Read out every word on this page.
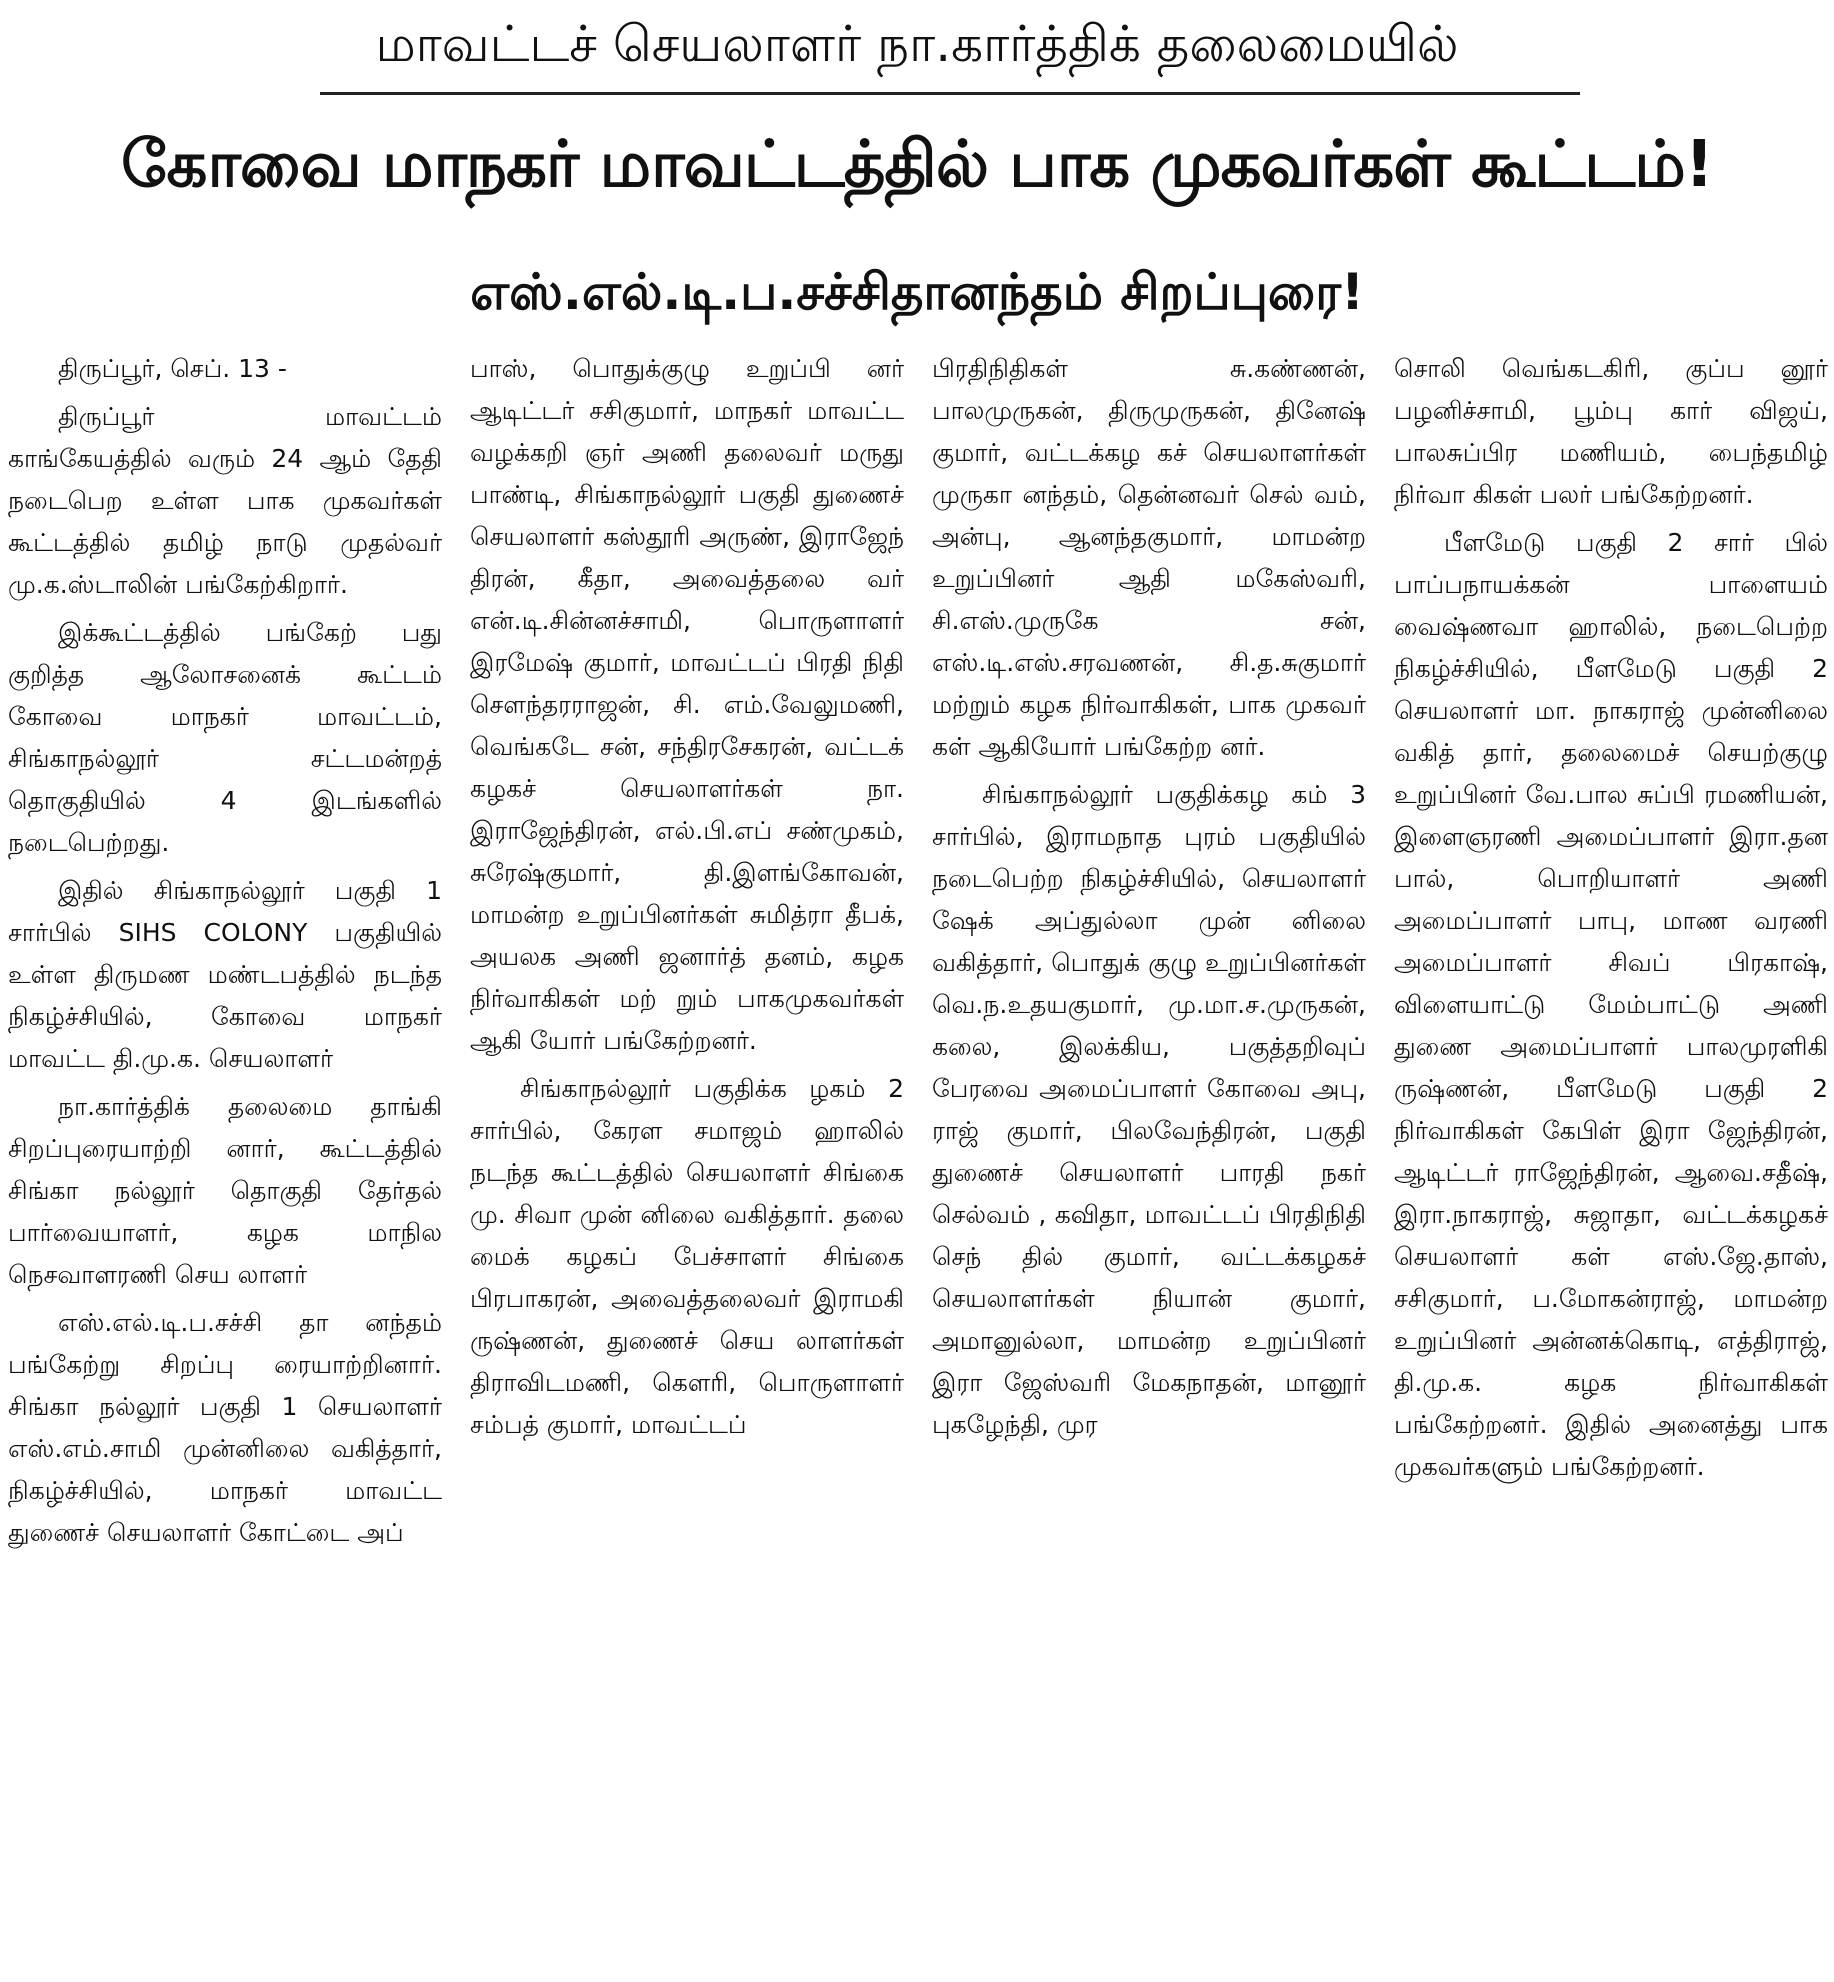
மாவட்டச் செயலாளர் நா.கார்த்திக் தலைமையில்
கோவை மாநகர் மாவட்டத்தில் பாக முகவர்கள் கூட்டம்!
எஸ்.எல்.டி.ப.சச்சிதானந்தம் சிறப்புரை!

திருப்பூர், செப். 13 -

திருப்பூர் மாவட்டம் காங்கேயத்தில் வரும் 24 ஆம் தேதி நடைபெற உள்ள பாக முகவர்கள் கூட்டத்தில் தமிழ் நாடு முதல்வர் மு.க.ஸ்டாலின் பங்கேற்கிறார்.

இக்கூட்டத்தில் பங்கேற் பது குறித்த ஆலோசனைக் கூட்டம் கோவை மாநகர் மாவட்டம், சிங்காநல்லூர் சட்டமன்றத் தொகுதியில் 4 இடங்களில் நடைபெற்றது.

இதில் சிங்காநல்லூர் பகுதி 1 சார்பில் SIHS COLONY பகுதியில் உள்ள திருமண மண்டபத்தில் நடந்த நிகழ்ச்சியில், கோவை மாநகர் மாவட்ட தி.மு.க. செயலாளர்

நா.கார்த்திக் தலைமை தாங்கி சிறப்புரையாற்றி னார், கூட்டத்தில் சிங்கா நல்லூர் தொகுதி தேர்தல் பார்வையாளர், கழக மாநில நெசவாளரணி செய லாளர்

எஸ்.எல்.டி.ப.சச்சி தா னந்தம் பங்கேற்று சிறப்பு ரையாற்றினார். சிங்கா நல்லூர் பகுதி 1 செயலாளர் எஸ்.எம்.சாமி முன்னிலை வகித்தார், நிகழ்ச்சியில், மாநகர் மாவட்ட துணைச் செயலாளர் கோட்டை அப்

பாஸ், பொதுக்குழு உறுப்பி னர் ஆடிட்டர் சசிகுமார், மாநகர் மாவட்ட வழக்கறி ஞர் அணி தலைவர் மருது பாண்டி, சிங்காநல்லூர் பகுதி துணைச் செயலாளர் கஸ்தூரி அருண், இராஜேந் திரன், கீதா, அவைத்தலை வர் என்.டி.சின்னச்சாமி, பொருளாளர் இரமேஷ் குமார், மாவட்டப் பிரதி நிதி சௌந்தரராஜன், சி. எம்.வேலுமணி, வெங்கடே சன், சந்திரசேகரன், வட்டக் கழகச் செயலாளர்கள் நா. இராஜேந்திரன், எல்.பி.எப் சண்முகம், சுரேஷ்குமார், தி.இளங்கோவன், மாமன்ற உறுப்பினர்கள் சுமித்ரா தீபக், அயலக அணி ஜனார்த் தனம், கழக நிர்வாகிகள் மற் றும் பாகமுகவர்கள் ஆகி யோர் பங்கேற்றனர்.

சிங்காநல்லூர் பகுதிக்க ழகம் 2 சார்பில், கேரள சமாஜம் ஹாலில் நடந்த கூட்டத்தில் செயலாளர் சிங்கை மு. சிவா முன் னிலை வகித்தார். தலை மைக் கழகப் பேச்சாளர் சிங்கை பிரபாகரன், அவைத்தலைவர் இராமகி ருஷ்ணன், துணைச் செய லாளர்கள் திராவிடமணி, கௌரி, பொருளாளர் சம்பத் குமார், மாவட்டப்

பிரதிநிதிகள் சு.கண்ணன், பாலமுருகன், திருமுருகன், தினேஷ் குமார், வட்டக்கழ கச் செயலாளர்கள் முருகா னந்தம், தென்னவர் செல் வம், அன்பு, ஆனந்தகுமார், மாமன்ற உறுப்பினர் ஆதி மகேஸ்வரி, சி.எஸ்.முருகே சன், எஸ்.டி.எஸ்.சரவணன், சி.த.சுகுமார் மற்றும் கழக நிர்வாகிகள், பாக முகவர் கள் ஆகியோர் பங்கேற்ற னர்.

சிங்காநல்லூர் பகுதிக்கழ கம் 3 சார்பில், இராமநாத புரம் பகுதியில் நடைபெற்ற நிகழ்ச்சியில், செயலாளர் ஷேக் அப்துல்லா முன் னிலை வகித்தார், பொதுக் குழு உறுப்பினர்கள் வெ.ந.உதயகுமார், மு.மா.ச.முருகன், கலை, இலக்கிய, பகுத்தறிவுப் பேரவை அமைப்பாளர் கோவை அபு, ராஜ் குமார், பிலவேந்திரன், பகுதி துணைச் செயலாளர் பாரதி நகர் செல்வம் , கவிதா, மாவட்டப் பிரதிநிதி செந் தில் குமார், வட்டக்கழகச் செயலாளர்கள் நியான் குமார், அமானுல்லா, மாமன்ற உறுப்பினர் இரா ஜேஸ்வரி மேகநாதன், மானூர் புகழேந்தி, முர

சொலி வெங்கடகிரி, குப்ப னூர் பழனிச்சாமி, பூம்பு கார் விஜய், பாலசுப்பிர மணியம், பைந்தமிழ் நிர்வா கிகள் பலர் பங்கேற்றனர்.

பீளமேடு பகுதி 2 சார் பில் பாப்பநாயக்கன் பாளையம் வைஷ்ணவா ஹாலில், நடைபெற்ற நிகழ்ச்சியில், பீளமேடு பகுதி 2 செயலாளர் மா. நாகராஜ் முன்னிலை வகித் தார், தலைமைச் செயற்குழு உறுப்பினர் வே.பால சுப்பி ரமணியன், இளைஞரணி அமைப்பாளர் இரா.தன பால், பொறியாளர் அணி அமைப்பாளர் பாபு, மாண வரணி அமைப்பாளர் சிவப் பிரகாஷ், விளையாட்டு மேம்பாட்டு அணி துணை அமைப்பாளர் பாலமுரளிகி ருஷ்ணன், பீளமேடு பகுதி 2 நிர்வாகிகள் கேபிள் இரா ஜேந்திரன், ஆடிட்டர் ராஜேந்திரன், ஆவை.சதீஷ், இரா.நாகராஜ், சுஜாதா, வட்டக்கழகச் செயலாளர் கள் எஸ்.ஜே.தாஸ், சசிகுமார், ப.மோகன்ராஜ், மாமன்ற உறுப்பினர் அன்னக்கொடி, எத்திராஜ், தி.மு.க. கழக நிர்வாகிகள் பங்கேற்றனர். இதில் அனைத்து பாக முகவர்களும் பங்கேற்றனர்.
